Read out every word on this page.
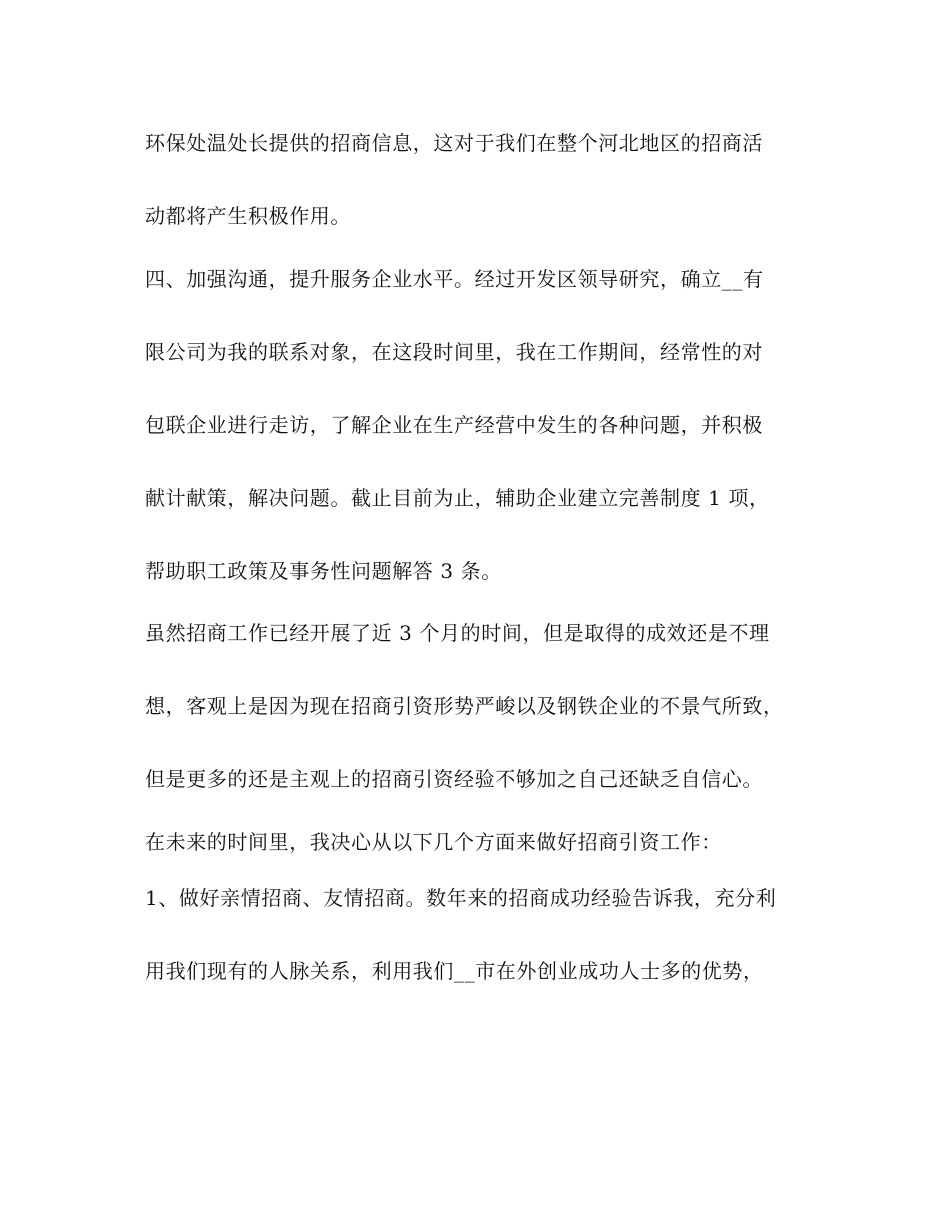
环保处温处长提供的招商信息，这对于我们在整个河北地区的招商活
动都将产生积极作用。
四、加强沟通，提升服务企业水平。经过开发区领导研究，确立__有
限公司为我的联系对象，在这段时间里，我在工作期间，经常性的对
包联企业进行走访，了解企业在生产经营中发生的各种问题，并积极
献计献策，解决问题。截止目前为止，辅助企业建立完善制度 1 项，
帮助职工政策及事务性问题解答 3 条。
虽然招商工作已经开展了近 3 个月的时间，但是取得的成效还是不理
想，客观上是因为现在招商引资形势严峻以及钢铁企业的不景气所致，
但是更多的还是主观上的招商引资经验不够加之自己还缺乏自信心。
在未来的时间里，我决心从以下几个方面来做好招商引资工作：
1、做好亲情招商、友情招商。数年来的招商成功经验告诉我，充分利
用我们现有的人脉关系，利用我们__市在外创业成功人士多的优势，
